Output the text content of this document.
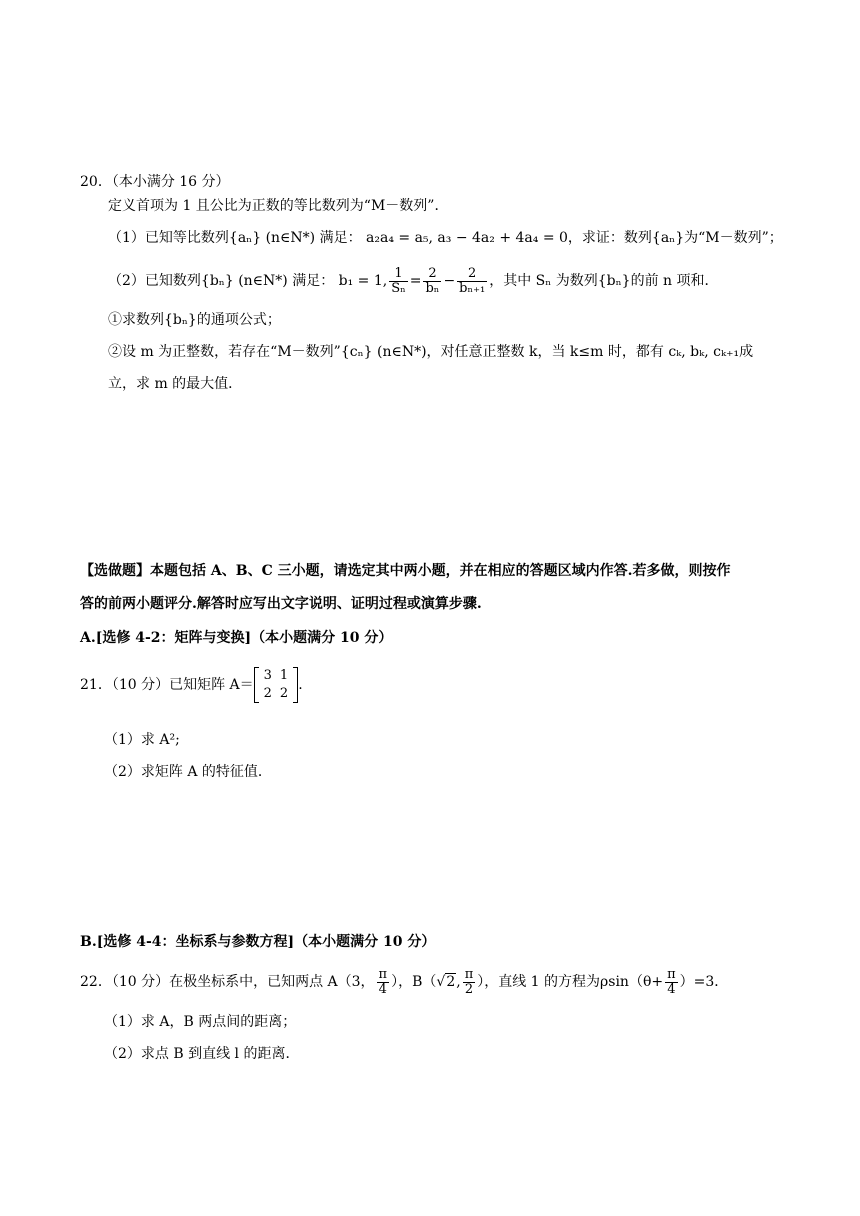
20．（本小满分 16 分）
定义首项为 1 且公比为正数的等比数列为“M－数列”．
（1）已知等比数列{aₙ} (n∈N*) 满足： a₂a₄ = a₅, a₃ − 4a₂ + 4a₄ = 0，求证：数列{aₙ}为“M－数列”；
（2）已知数列{bₙ} (n∈N*) 满足： b₁ = 1, $\frac{1}{\text{Sₙ}} = \frac{2}{\text{bₙ}} - \frac{2}{\text{bₙ₊₁}}$ ，其中 Sₙ 为数列{bₙ}的前 n 项和．
①求数列{bₙ}的通项公式；
②设 m 为正整数，若存在“M－数列”{cₙ} (n∈N*)，对任意正整数 k，当 k≤m 时，都有 cₖ, bₖ, cₖ₊₁成
立，求 m 的最大值．
【选做题】本题包括 A、B、C 三小题，请选定其中两小题，并在相应的答题区域内作答.若多做，则按作
答的前两小题评分.解答时应写出文字说明、证明过程或演算步骤.
A.[选修 4-2：矩阵与变换]（本小题满分 10 分）
21．（10 分）已知矩阵 A＝
3	1
2	2
.
（1）求 A²;
（2）求矩阵 A 的特征值．
B.[选修 4-4：坐标系与参数方程]（本小题满分 10 分）
22．（10 分）在极坐标系中，已知两点 A（3， $\frac{\pi}{4}$ ），B（√2, $\frac{\pi}{2}$ ），直线 1 的方程为$\rho\sin(\theta+ \frac{\pi}{4} )=3$．
（1）求 A，B 两点间的距离；
（2）求点 B 到直线 l 的距离．
